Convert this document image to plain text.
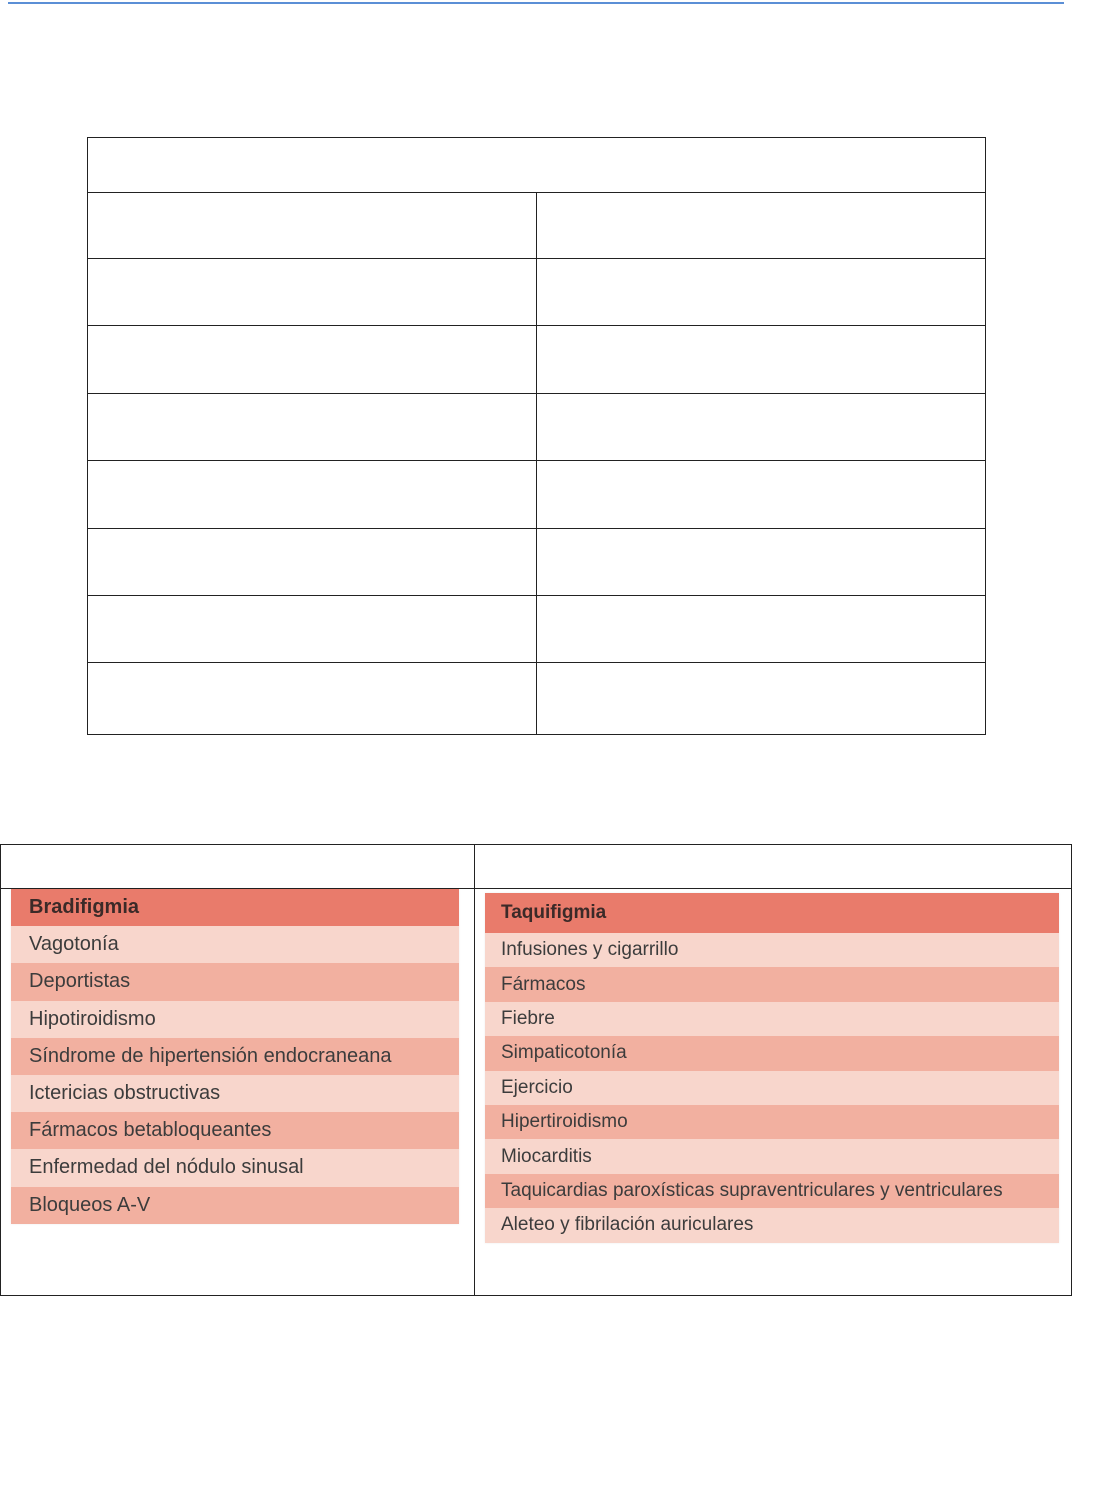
Bradifigmia
Vagotonía
Deportistas
Hipotiroidismo
Síndrome de hipertensión endocraneana
Ictericias obstructivas
Fármacos betabloqueantes
Enfermedad del nódulo sinusal
Bloqueos A-V
Taquifigmia
Infusiones y cigarrillo
Fármacos
Fiebre
Simpaticotonía
Ejercicio
Hipertiroidismo
Miocarditis
Taquicardias paroxísticas supraventriculares y ventriculares
Aleteo y fibrilación auriculares
